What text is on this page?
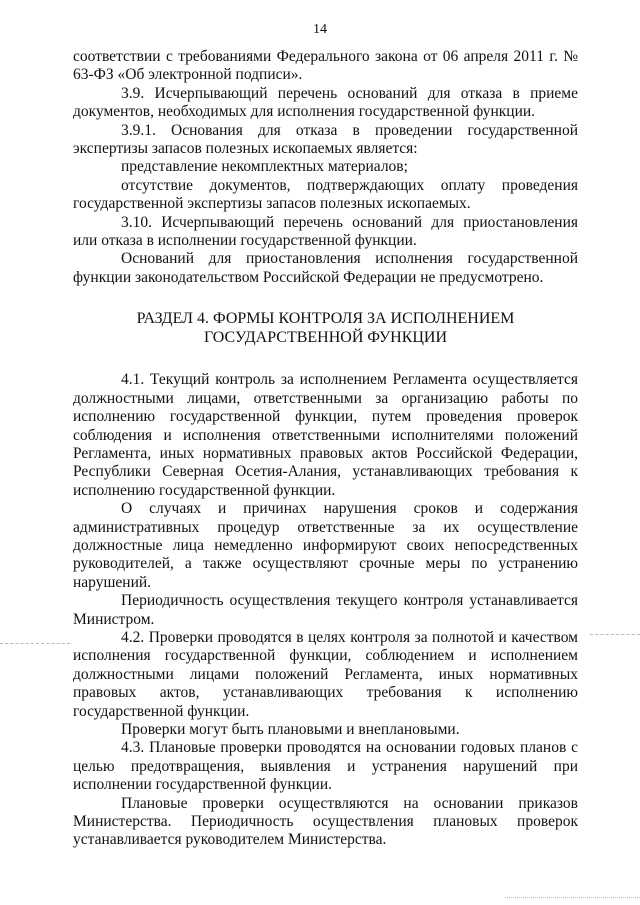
14

соответствии с требованиями Федерального закона от 06 апреля 2011 г. № 63-ФЗ «Об электронной подписи».

3.9. Исчерпывающий перечень оснований для отказа в приеме документов, необходимых для исполнения государственной функции.

3.9.1. Основания для отказа в проведении государственной экспертизы запасов полезных ископаемых является:

представление некомплектных материалов;

отсутствие документов, подтверждающих оплату проведения государственной экспертизы запасов полезных ископаемых.

3.10. Исчерпывающий перечень оснований для приостановления или отказа в исполнении государственной функции.

Оснований для приостановления исполнения государственной функции законодательством Российской Федерации не предусмотрено.

РАЗДЕЛ 4. ФОРМЫ КОНТРОЛЯ ЗА ИСПОЛНЕНИЕМ
ГОСУДАРСТВЕННОЙ ФУНКЦИИ

4.1. Текущий контроль за исполнением Регламента осуществляется должностными лицами, ответственными за организацию работы по исполнению государственной функции, путем проведения проверок соблюдения и исполнения ответственными исполнителями положений Регламента, иных нормативных правовых актов Российской Федерации, Республики Северная Осетия-Алания, устанавливающих требования к исполнению государственной функции.

О случаях и причинах нарушения сроков и содержания административных процедур ответственные за их осуществление должностные лица немедленно информируют своих непосредственных руководителей, а также осуществляют срочные меры по устранению нарушений.

Периодичность осуществления текущего контроля устанавливается Министром.

4.2. Проверки проводятся в целях контроля за полнотой и качеством исполнения государственной функции, соблюдением и исполнением должностными лицами положений Регламента, иных нормативных правовых актов, устанавливающих требования к исполнению государственной функции.

Проверки могут быть плановыми и внеплановыми.

4.3. Плановые проверки проводятся на основании годовых планов с целью предотвращения, выявления и устранения нарушений при исполнении государственной функции.

Плановые проверки осуществляются на основании приказов Министерства. Периодичность осуществления плановых проверок устанавливается руководителем Министерства.
